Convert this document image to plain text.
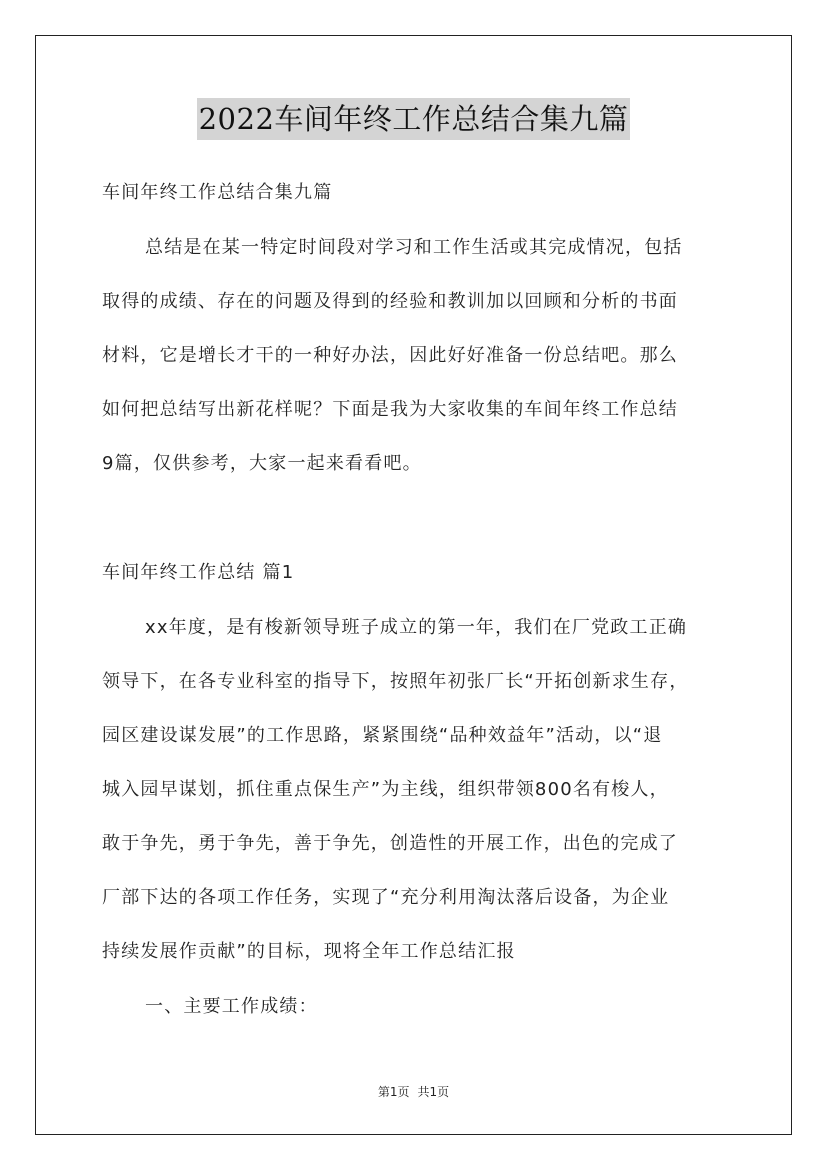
2022车间年终工作总结合集九篇
车间年终工作总结合集九篇
总结是在某一特定时间段对学习和工作生活或其完成情况，包括
取得的成绩、存在的问题及得到的经验和教训加以回顾和分析的书面
材料，它是增长才干的一种好办法，因此好好准备一份总结吧。那么
如何把总结写出新花样呢？下面是我为大家收集的车间年终工作总结
9篇，仅供参考，大家一起来看看吧。
车间年终工作总结 篇1
xx年度，是有梭新领导班子成立的第一年，我们在厂党政工正确
领导下，在各专业科室的指导下，按照年初张厂长“开拓创新求生存，
园区建设谋发展”的工作思路，紧紧围绕“品种效益年”活动，以“退
城入园早谋划，抓住重点保生产”为主线，组织带领800名有梭人，
敢于争先，勇于争先，善于争先，创造性的开展工作，出色的完成了
厂部下达的各项工作任务，实现了“充分利用淘汰落后设备，为企业
持续发展作贡献”的目标，现将全年工作总结汇报
一、主要工作成绩：
第1页 共1页
